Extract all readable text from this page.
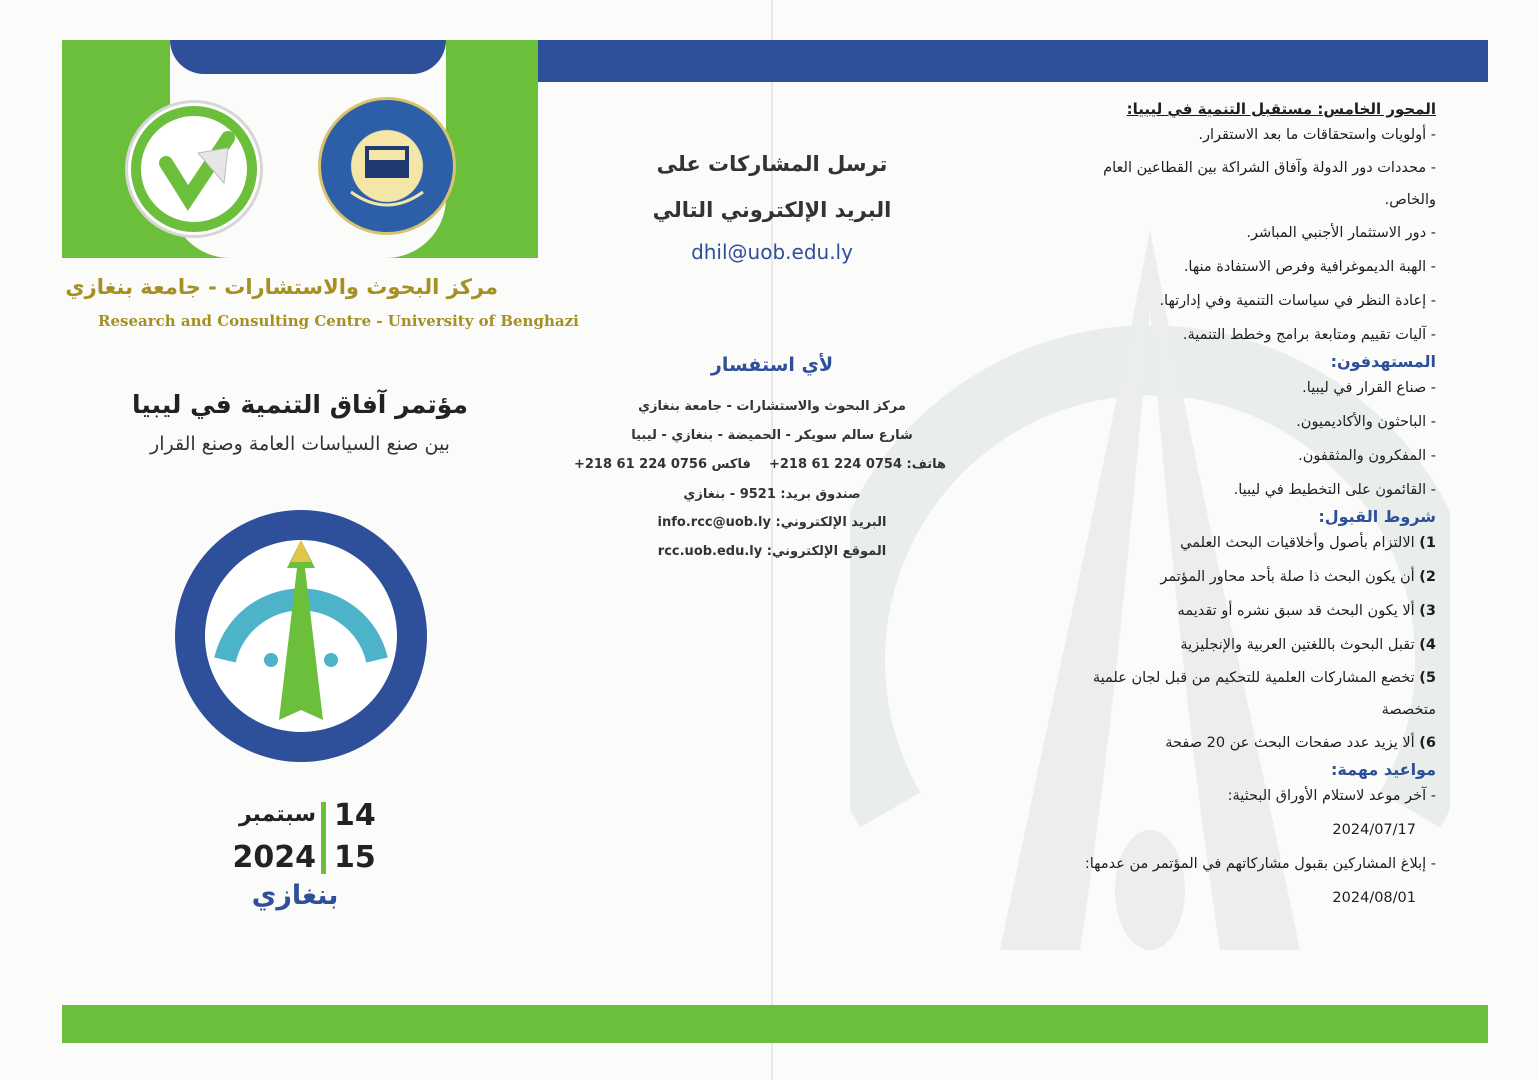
مركز البحوث والاستشارات - جامعة بنغازي
Research and Consulting Centre - University of Benghazi
مؤتمر آفاق التنمية في ليبيا
بين صنع السياسات العامة وصنع القرار
14
15
سبتمبر
2024
بنغازي
ترسل المشاركات على
البريد الإلكتروني التالي
dhil@uob.edu.ly
لأي استفسار
مركز البحوث والاستشارات - جامعة بنغازي
شارع سالم سويكر - الحميضة - بنغازي - ليبيا
هاتف: +218 61 224 0754    فاكس +218 61 224 0756
صندوق بريد: 9521 - بنغازي
البريد الإلكتروني: info.rcc@uob.ly
الموقع الإلكتروني: rcc.uob.edu.ly

المحور الخامس: مستقبل التنمية في ليبيا:

- أولويات واستحقاقات ما بعد الاستقرار.
- محددات دور الدولة وآفاق الشراكة بين القطاعين العام والخاص.
- دور الاستثمار الأجنبي المباشر.
- الهبة الديموغرافية وفرص الاستفادة منها.
- إعادة النظر في سياسات التنمية وفي إدارتها.
- آليات تقييم ومتابعة برامج وخطط التنمية.

المستهدفون:

- صناع القرار في ليبيا.
- الباحثون والأكاديميون.
- المفكرون والمثقفون.
- القائمون على التخطيط في ليبيا.

شروط القبول:

1) الالتزام بأصول وأخلاقيات البحث العلمي
2) أن يكون البحث ذا صلة بأحد محاور المؤتمر
3) ألا يكون البحث قد سبق نشره أو تقديمه
4) تقبل البحوث باللغتين العربية والإنجليزية
5) تخضع المشاركات العلمية للتحكيم من قبل لجان علمية متخصصة
6) ألا يزيد عدد صفحات البحث عن 20 صفحة

مواعيد مهمة:

- آخر موعد لاستلام الأوراق البحثية:
2024/07/17
- إبلاغ المشاركين بقبول مشاركاتهم في المؤتمر من عدمها:
2024/08/01
